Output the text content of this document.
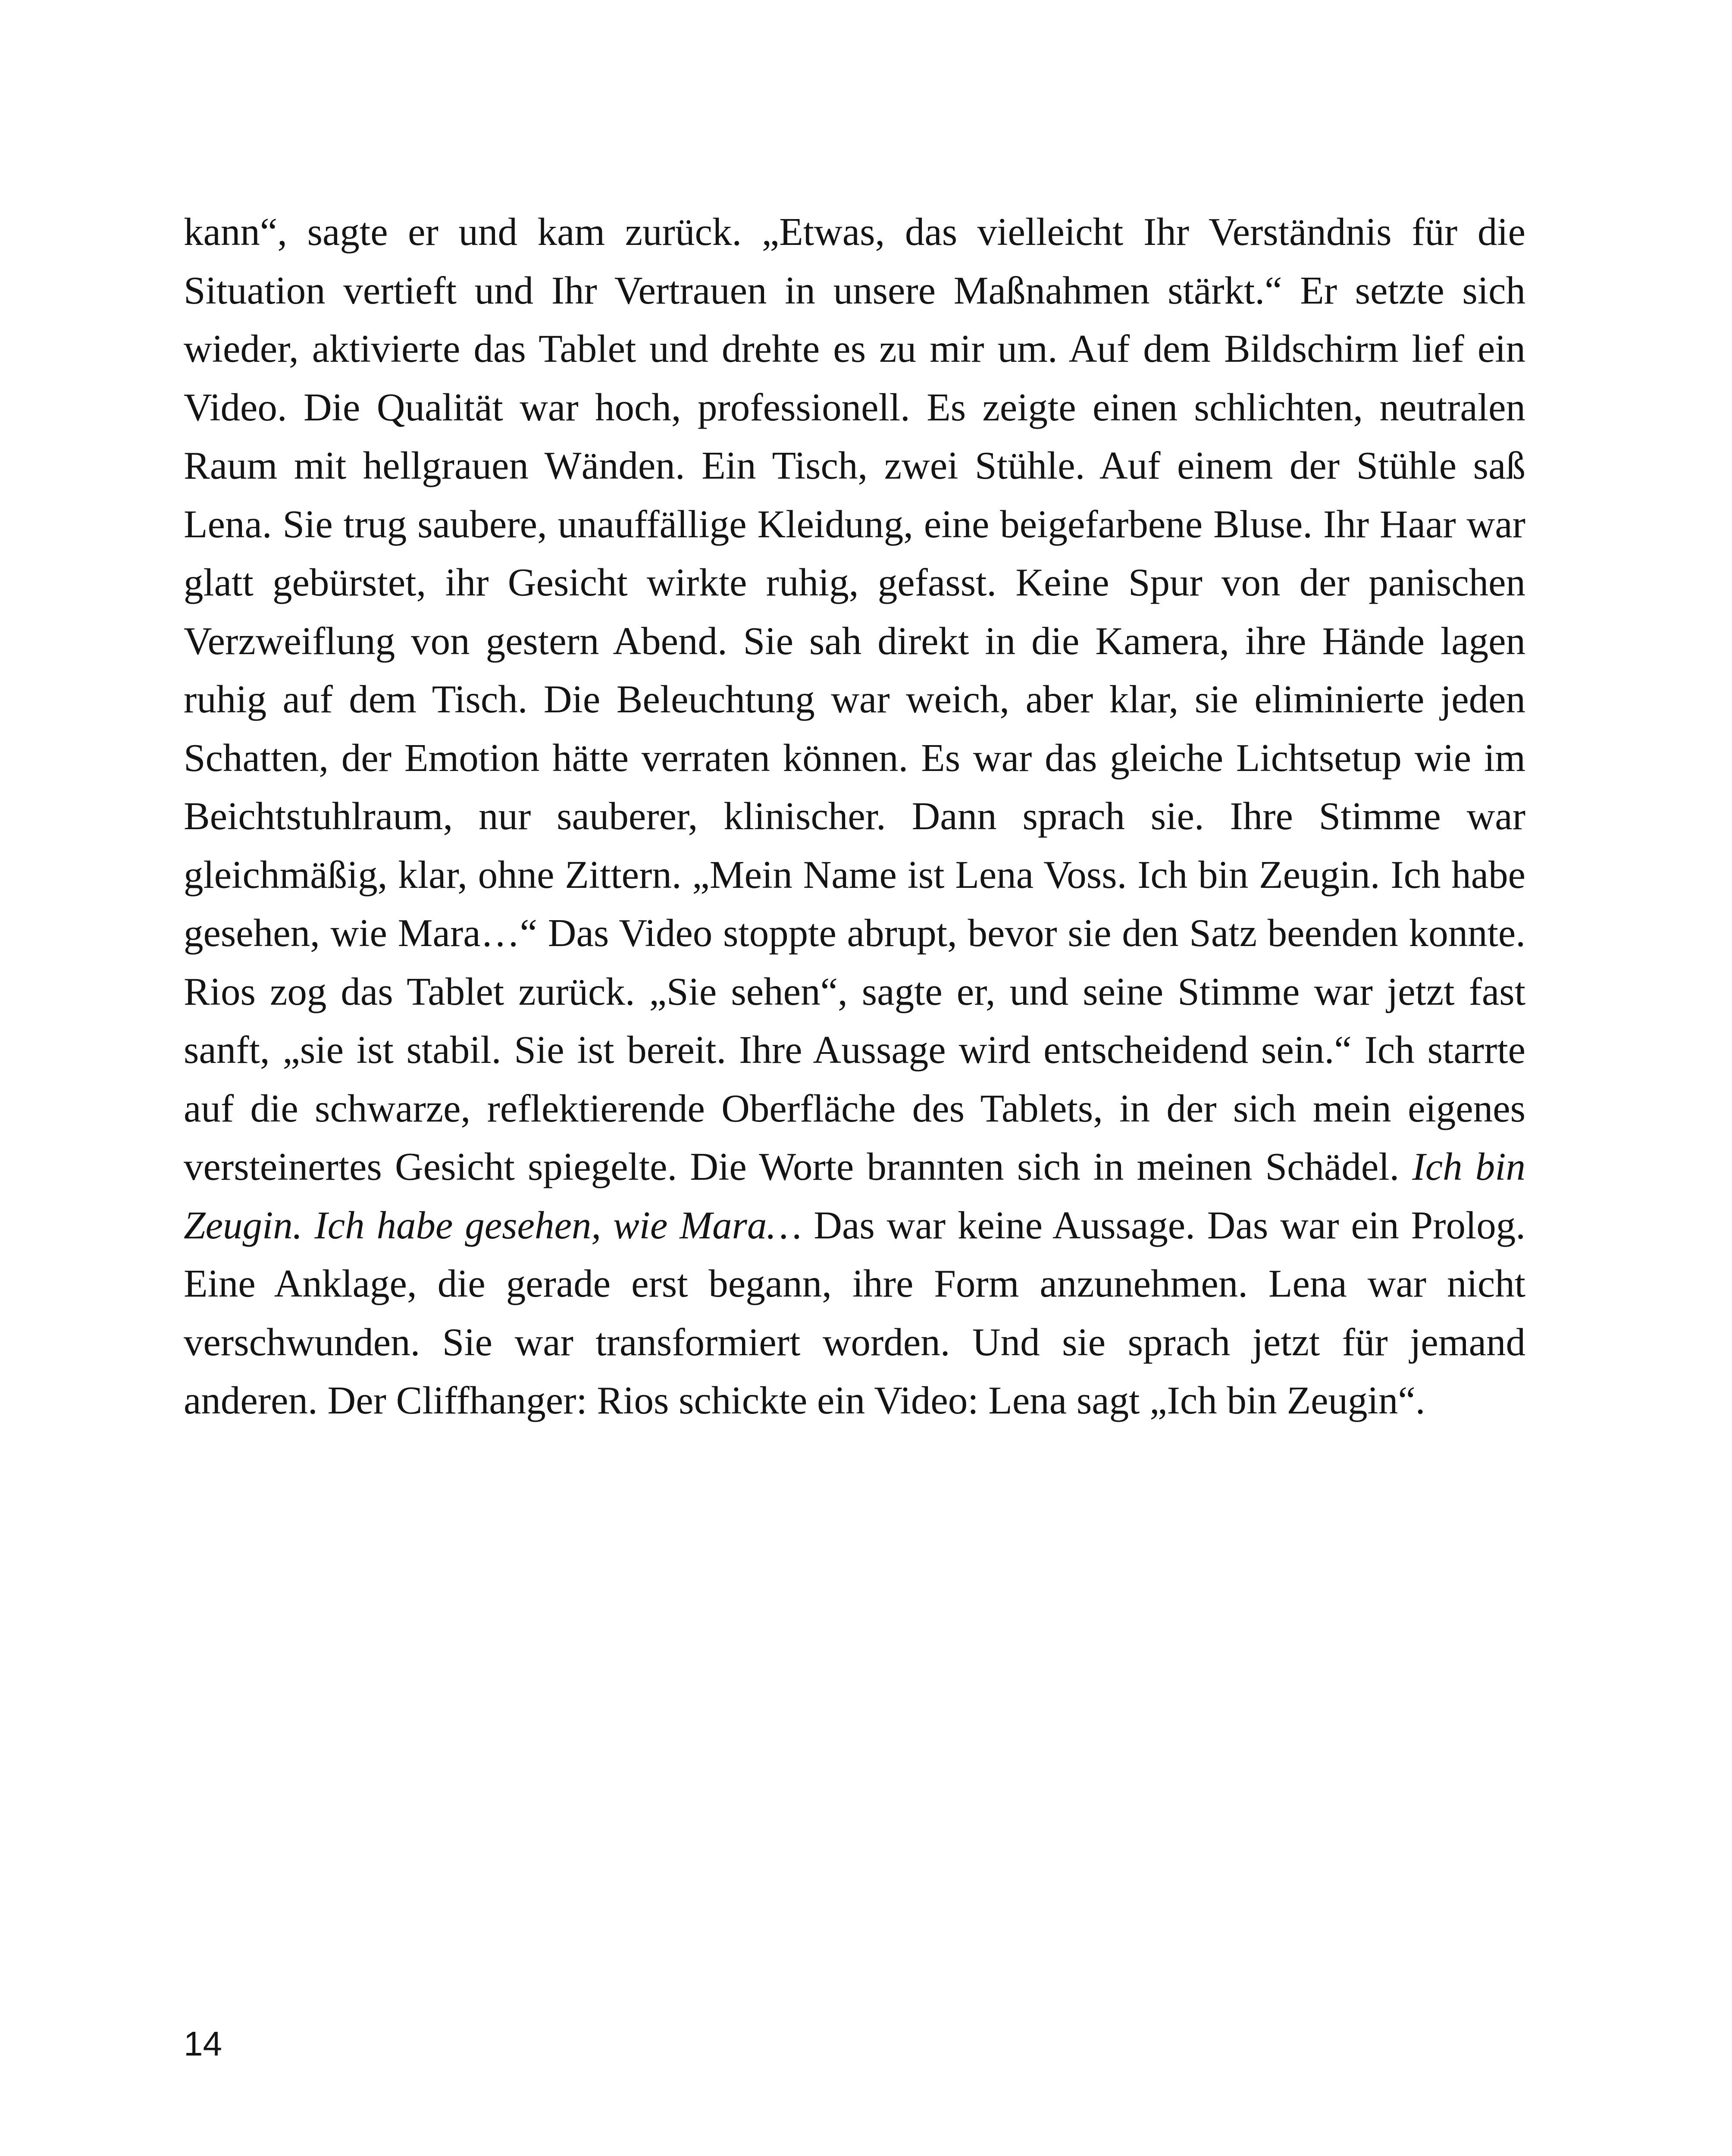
kann“, sagte er und kam zurück. „Etwas, das vielleicht Ihr Verständnis für die Situation vertieft und Ihr Vertrauen in unsere Maßnahmen stärkt.“ Er setzte sich wieder, aktivierte das Tablet und drehte es zu mir um. Auf dem Bildschirm lief ein Video. Die Qualität war hoch, professionell. Es zeigte einen schlichten, neutralen Raum mit hellgrauen Wänden. Ein Tisch, zwei Stühle. Auf einem der Stühle saß Lena. Sie trug saubere, unauffällige Kleidung, eine beigefarbene Bluse. Ihr Haar war glatt gebürstet, ihr Gesicht wirkte ruhig, gefasst. Keine Spur von der panischen Verzweiflung von gestern Abend. Sie sah direkt in die Kamera, ihre Hände lagen ruhig auf dem Tisch. Die Beleuchtung war weich, aber klar, sie eliminierte jeden Schatten, der Emotion hätte verraten können. Es war das gleiche Lichtsetup wie im Beichtstuhlraum, nur sauberer, klinischer. Dann sprach sie. Ihre Stimme war gleichmäßig, klar, ohne Zittern. „Mein Name ist Lena Voss. Ich bin Zeugin. Ich habe gesehen, wie Mara…“ Das Video stoppte abrupt, bevor sie den Satz beenden konnte. Rios zog das Tablet zurück. „Sie sehen“, sagte er, und seine Stimme war jetzt fast sanft, „sie ist stabil. Sie ist bereit. Ihre Aussage wird entscheidend sein.“ Ich starrte auf die schwarze, reflektierende Oberfläche des Tablets, in der sich mein eigenes versteinertes Gesicht spiegelte. Die Worte brannten sich in meinen Schädel. Ich bin Zeugin. Ich habe gesehen, wie Mara… Das war keine Aussage. Das war ein Prolog. Eine Anklage, die gerade erst begann, ihre Form anzunehmen. Lena war nicht verschwunden. Sie war transformiert worden. Und sie sprach jetzt für jemand anderen. Der Cliffhanger: Rios schickte ein Video: Lena sagt „Ich bin Zeugin“.

14
